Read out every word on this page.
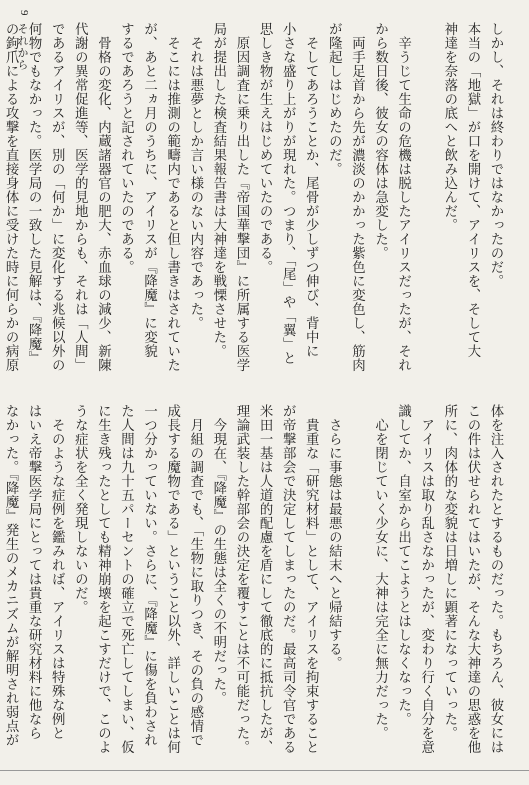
9
それから	しかし、それは終わりではなかったのだ。
本当の「地獄」が口を開けて、アイリスを、そして大
神達を奈落の底へと飲み込んだ。
　辛うじて生命の危機は脱したアイリスだったが、それ
から数日後、彼女の容体は急変した。
　両手足首から先が濃淡のかかった紫色に変色し、筋肉
が隆起しはじめたのだ。
　そしてあろうことか、尾骨が少しずつ伸び、背中に
小さな盛り上がりが現れた。つまり、「尾」や「翼」と
思しき物が生えはじめていたのである。
　原因調査に乗り出した『帝国華撃団』に所属する医学
局が提出した検査結果報告書は大神達を戦慄させた。
　それは悪夢としか言い様のない内容であった。
　そこには推測の範疇内であると但し書きはされていた
が、あと二ヵ月のうちに、アイリスが『降魔』に変貌
するであろうと記されていたのである。
　骨格の変化、内蔵諸器官の肥大、赤血球の減少、新陳
代謝の異常促進等、医学的見地からも、それは「人間」
であるアイリスが、別の「何か」に変化する兆候以外の
何物でもなかった。医学局の一致した見解は、『降魔』
の鉤爪による攻撃を直接身体に受けた時に何らかの病原
体を注入されたとするものだった。もちろん、彼女には
この件は伏せられてはいたが、そんな大神達の思惑を他
所に、肉体的な変貌は日増しに顕著になっていった。
　アイリスは取り乱さなかったが、変わり行く自分を意
識してか、自室から出てこようとはしなくなった。
　心を閉じていく少女に、大神は完全に無力だった。
　さらに事態は最悪の結末へと帰結する。
　貴重な「研究材料」として、アイリスを拘束すること
が帝撃部会で決定してしまったのだ。最高司令官である
米田一基は人道的配慮を盾にして徹底的に抵抗したが、
理論武装した幹部会の決定を覆すことは不可能だった。
　今現在、『降魔』の生態は全くの不明だった。
　月組の調査でも、「生物に取りつき、その負の感情で
成長する魔物である」ということ以外、詳しいことは何
一つ分かっていない。さらに、『降魔』に傷を負わされ
た人間は九十五パーセントの確立で死亡してしまい、仮
に生き残ったとしても精神崩壊を起こすだけで、このよ
うな症状を全く発現しないのだ。
　そのような症例を鑑みれば、アイリスは特殊な例と
はいえ帝撃医学局にとっては貴重な研究材料に他なら
なかった。『降魔』発生のメカニズムが解明され弱点が
